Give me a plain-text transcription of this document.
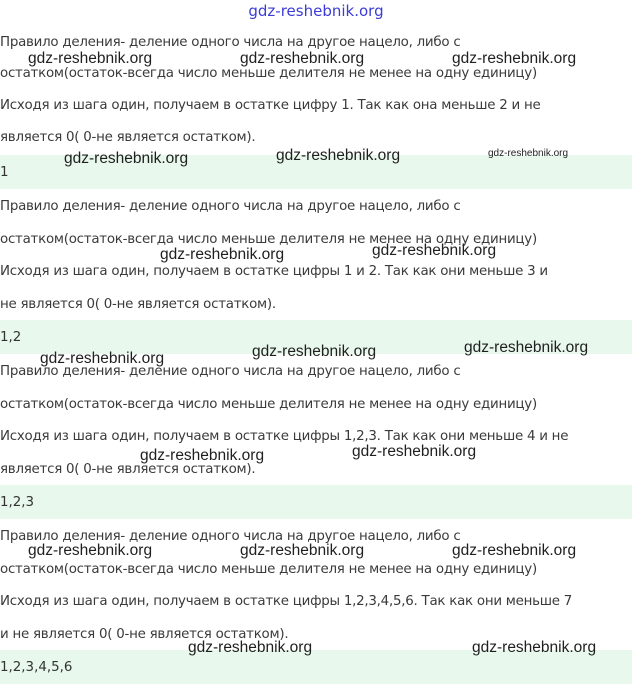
gdz-reshebnik.org
Правило деления- деление одного числа на другое нацело, либо с
остатком(остаток-всегда число меньше делителя не менее на одну единицу)
Исходя из шага один, получаем в остатке цифру 1. Так как она меньше 2 и не
является 0( 0-не является остатком).
1
Правило деления- деление одного числа на другое нацело, либо с
остатком(остаток-всегда число меньше делителя не менее на одну единицу)
Исходя из шага один, получаем в остатке цифры 1 и 2. Так как они меньше 3 и
не является 0( 0-не является остатком).
1,2
Правило деления- деление одного числа на другое нацело, либо с
остатком(остаток-всегда число меньше делителя не менее на одну единицу)
Исходя из шага один, получаем в остатке цифры 1,2,3. Так как они меньше 4 и не
является 0( 0-не является остатком).
1,2,3
Правило деления- деление одного числа на другое нацело, либо с
остатком(остаток-всегда число меньше делителя не менее на одну единицу)
Исходя из шага один, получаем в остатке цифры 1,2,3,4,5,6. Так как они меньше 7
и не является 0( 0-не является остатком).
1,2,3,4,5,6
gdz-reshebnik.org	gdz-reshebnik.org	gdz-reshebnik.org
gdz-reshebnik.org	gdz-reshebnik.org	gdz-reshebnik.org
gdz-reshebnik.org	gdz-reshebnik.org
gdz-reshebnik.org	gdz-reshebnik.org	gdz-reshebnik.org
gdz-reshebnik.org	gdz-reshebnik.org
gdz-reshebnik.org	gdz-reshebnik.org	gdz-reshebnik.org
gdz-reshebnik.org	gdz-reshebnik.org
